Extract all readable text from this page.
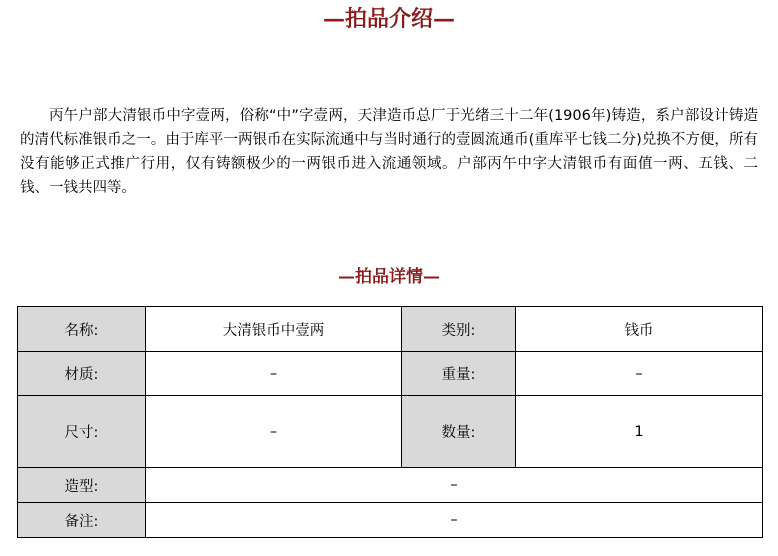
—拍品介绍—

丙午户部大清银币中字壹两，俗称“中”字壹两，天津造币总厂于光绪三十二年(1906年)铸造，系户部设计铸造的清代标准银币之一。由于库平一两银币在实际流通中与当时通行的壹圆流通币(重库平七钱二分)兑换不方便，所有没有能够正式推广行用，仅有铸额极少的一两银币进入流通领域。户部丙午中字大清银币有面值一两、五钱、二钱、一钱共四等。

—拍品详情—
名称:	大清银币中壹两	类别:	钱币
材质:	–	重量:	–
尺寸:	–	数量:	1
造型:	–		
备注:	–		
